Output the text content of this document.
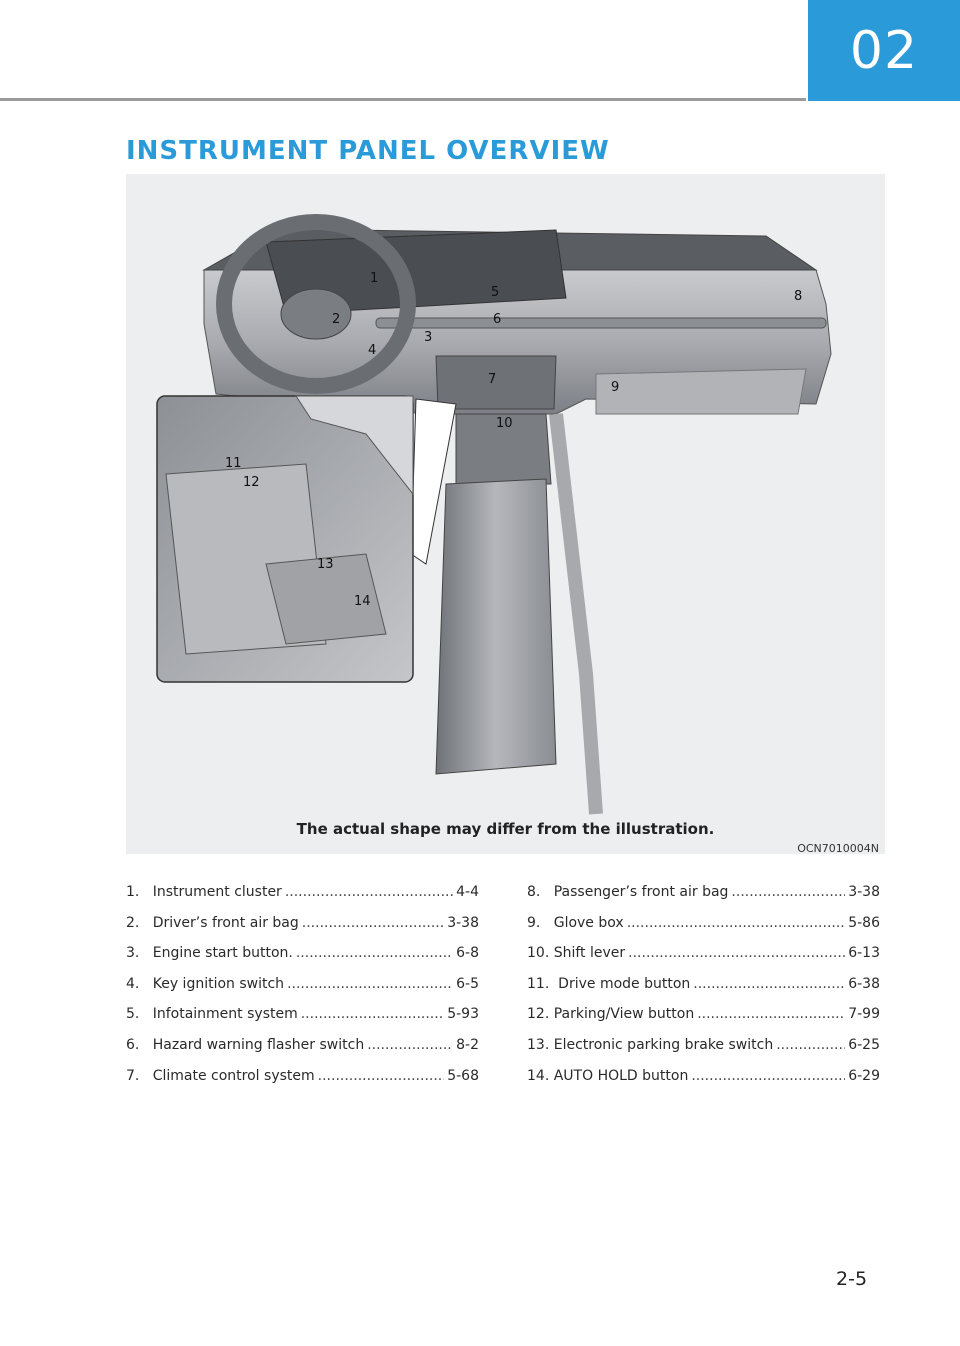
02
INSTRUMENT PANEL OVERVIEW
1
2
3
4
5
6
8
7
9
10
11
12
13
14
The actual shape may differ from the illustration.
OCN7010004N
1.
Instrument cluster .....	4-4
2.
Driver’s front air bag .....	3-38
3.
Engine start button. .....	6-8
4.
Key ignition switch .....	6-5
5.
Infotainment system .....	5-93
6.
Hazard warning flasher switch .....	8-2
7.
Climate control system .....	5-68
8.
Passenger’s front air bag .....	3-38
9.
Glove box .....	5-86
10.
Shift lever .....	6-13
11.
Drive mode button .....	6-38
12.
Parking/View button .....	7-99
13.
Electronic parking brake switch .....	6-25
14.
AUTO HOLD button .....	6-29
2-5
